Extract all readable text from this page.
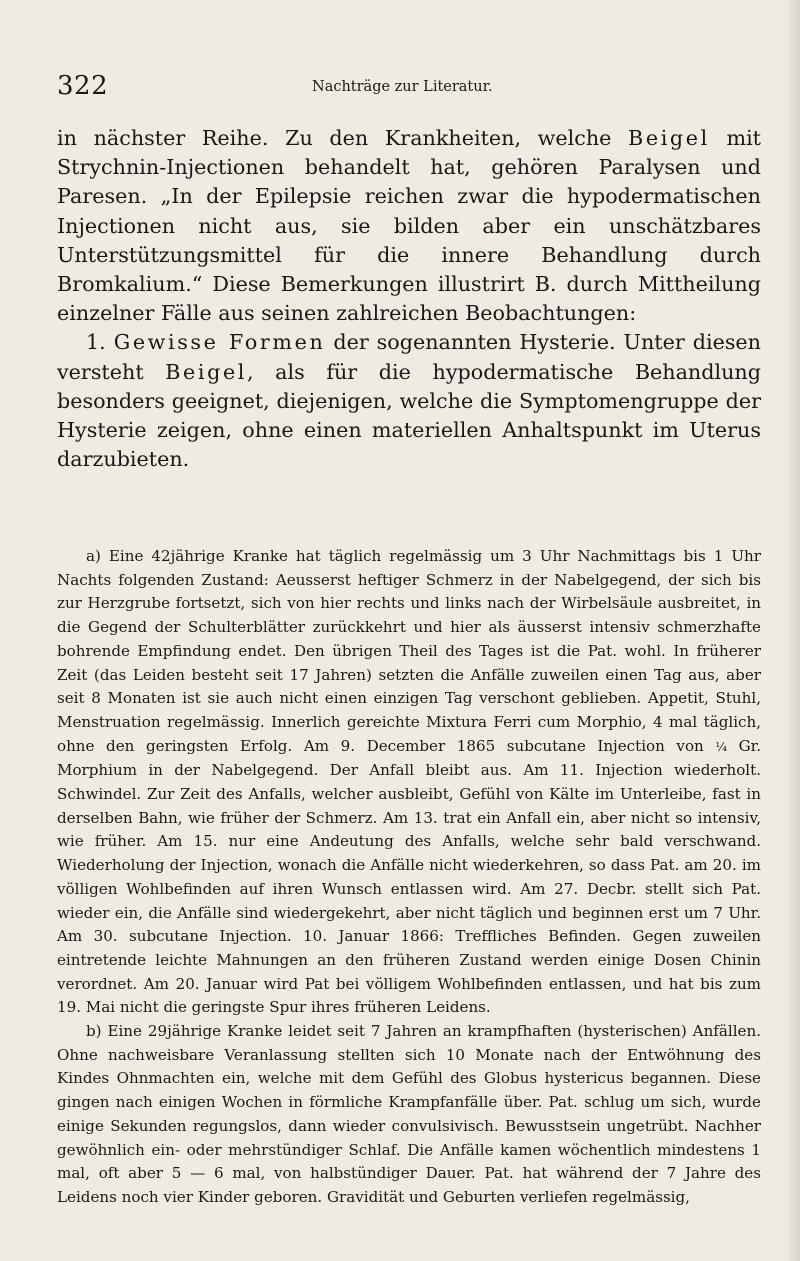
322	Nachträge zur Literatur.

in nächster Reihe. Zu den Krankheiten, welche Beigel mit Strychnin-Injectionen behandelt hat, gehören Paralysen und Paresen. „In der Epilepsie reichen zwar die hypodermatischen Injectionen nicht aus, sie bilden aber ein unschätzbares Unterstützungsmittel für die innere Behandlung durch Bromkalium.“ Diese Bemerkungen illustrirt B. durch Mittheilung einzelner Fälle aus seinen zahlreichen Beobachtungen:

1. Gewisse Formen der sogenannten Hysterie. Unter diesen versteht Beigel, als für die hypodermatische Behandlung besonders geeignet, diejenigen, welche die Symptomengruppe der Hysterie zeigen, ohne einen materiellen Anhaltspunkt im Uterus darzubieten.

a) Eine 42jährige Kranke hat täglich regelmässig um 3 Uhr Nachmittags bis 1 Uhr Nachts folgenden Zustand: Aeusserst heftiger Schmerz in der Nabelgegend, der sich bis zur Herzgrube fortsetzt, sich von hier rechts und links nach der Wirbelsäule ausbreitet, in die Gegend der Schulterblätter zurückkehrt und hier als äusserst intensiv schmerzhafte bohrende Empfindung endet. Den übrigen Theil des Tages ist die Pat. wohl. In früherer Zeit (das Leiden besteht seit 17 Jahren) setzten die Anfälle zuweilen einen Tag aus, aber seit 8 Monaten ist sie auch nicht einen einzigen Tag verschont geblieben. Appetit, Stuhl, Menstruation regelmässig. Innerlich gereichte Mixtura Ferri cum Morphio, 4 mal täglich, ohne den geringsten Erfolg. Am 9. December 1865 subcutane Injection von ¼ Gr. Morphium in der Nabelgegend. Der Anfall bleibt aus. Am 11. Injection wiederholt. Schwindel. Zur Zeit des Anfalls, welcher ausbleibt, Gefühl von Kälte im Unterleibe, fast in derselben Bahn, wie früher der Schmerz. Am 13. trat ein Anfall ein, aber nicht so intensiv, wie früher. Am 15. nur eine Andeutung des Anfalls, welche sehr bald verschwand. Wiederholung der Injection, wonach die Anfälle nicht wiederkehren, so dass Pat. am 20. im völligen Wohlbefinden auf ihren Wunsch entlassen wird. Am 27. Decbr. stellt sich Pat. wieder ein, die Anfälle sind wiedergekehrt, aber nicht täglich und beginnen erst um 7 Uhr. Am 30. subcutane Injection. 10. Januar 1866: Treffliches Befinden. Gegen zuweilen eintretende leichte Mahnungen an den früheren Zustand werden einige Dosen Chinin verordnet. Am 20. Januar wird Pat bei völligem Wohlbefinden entlassen, und hat bis zum 19. Mai nicht die geringste Spur ihres früheren Leidens.

b) Eine 29jährige Kranke leidet seit 7 Jahren an krampfhaften (hysterischen) Anfällen. Ohne nachweisbare Veranlassung stellten sich 10 Monate nach der Entwöhnung des Kindes Ohnmachten ein, welche mit dem Gefühl des Globus hystericus begannen. Diese gingen nach einigen Wochen in förmliche Krampfanfälle über. Pat. schlug um sich, wurde einige Sekunden regungslos, dann wieder convulsivisch. Bewusstsein ungetrübt. Nachher gewöhnlich ein- oder mehrstündiger Schlaf. Die Anfälle kamen wöchentlich mindestens 1 mal, oft aber 5 — 6 mal, von halbstündiger Dauer. Pat. hat während der 7 Jahre des Leidens noch vier Kinder geboren. Gravidität und Geburten verliefen regelmässig,
